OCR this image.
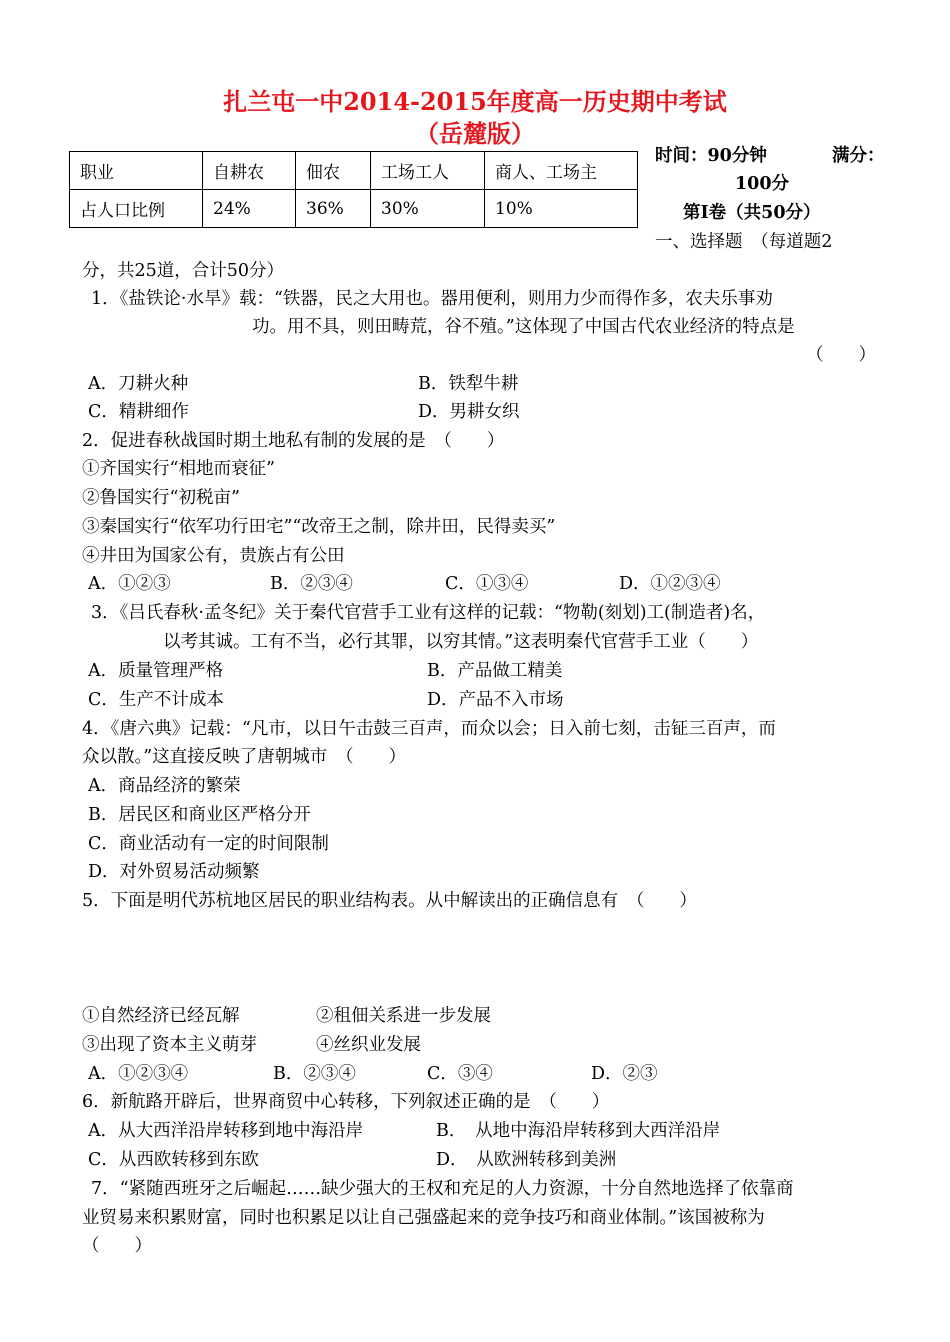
扎兰屯一中2014-2015年度高一历史期中考试
（岳麓版）
职业	自耕农	佃农	工场工人	商人、工场主
占人口比例	24%	36%	30%	10%
时间：90分钟	满分：
100分
第Ⅰ卷（共50分）
一、选择题　（每道题2
分，共25道，合计50分）
1．《盐铁论·水旱》载：“铁器，民之大用也。器用便利，则用力少而得作多，农夫乐事劝
功。用不具，则田畴荒，谷不殖。”这体现了中国古代农业经济的特点是
（　　）
A．刀耕火种	B．铁犁牛耕
C．精耕细作	D．男耕女织
2．促进春秋战国时期土地私有制的发展的是　（　　）
①齐国实行“相地而衰征”
②鲁国实行“初税亩”
③秦国实行“依军功行田宅”“改帝王之制，除井田，民得卖买”
④井田为国家公有，贵族占有公田
A．①②③	B．②③④	C．①③④	D．①②③④
3．《吕氏春秋·孟冬纪》关于秦代官营手工业有这样的记载：“物勒(刻划)工(制造者)名，
以考其诚。工有不当，必行其罪，以穷其情。”这表明秦代官营手工业（　　）
A．质量管理严格	B．产品做工精美
C．生产不计成本	D．产品不入市场
4．《唐六典》记载：“凡市，以日午击鼓三百声，而众以会；日入前七刻，击钲三百声，而
众以散。”这直接反映了唐朝城市　（　　）
A．商品经济的繁荣
B．居民区和商业区严格分开
C．商业活动有一定的时间限制
D．对外贸易活动频繁
5．下面是明代苏杭地区居民的职业结构表。从中解读出的正确信息有　（　　）
①自然经济已经瓦解	②租佃关系进一步发展
③出现了资本主义萌芽	④丝织业发展
A．①②③④	B．②③④	C．③④	D．②③
6．新航路开辟后，世界商贸中心转移，下列叙述正确的是　（　　）
A．从大西洋沿岸转移到地中海沿岸	B．　从地中海沿岸转移到大西洋沿岸
C．从西欧转移到东欧	D．　从欧洲转移到美洲
7．“紧随西班牙之后崛起……缺少强大的王权和充足的人力资源，十分自然地选择了依靠商
业贸易来积累财富，同时也积累足以让自己强盛起来的竞争技巧和商业体制。”该国被称为
（　　）
